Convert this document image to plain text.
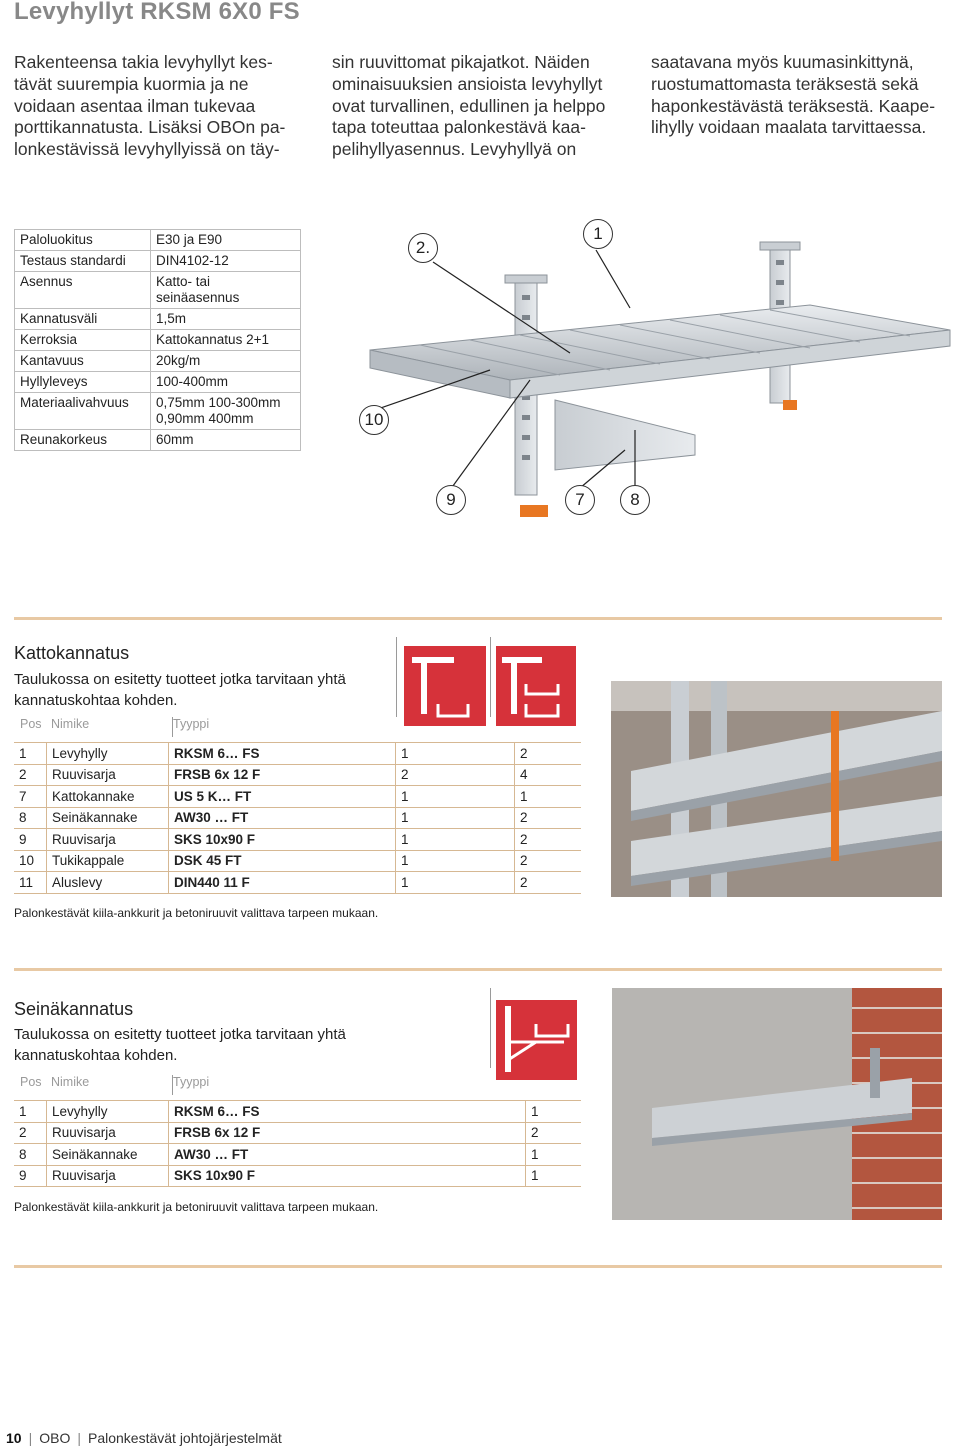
Levyhyllyt RKSM 6X0 FS

Rakenteensa takia levyhyllyt kes-tävät suurempia kuormia ja ne voidaan asentaa ilman tukevaa porttikannatusta. Lisäksi OBOn pa-lonkestävissä levyhyllyissä on täy-

sin ruuvittomat pikajatkot. Näiden ominaisuuksien ansioista levyhyllyt ovat turvallinen, edullinen ja helppo tapa toteuttaa palonkestävä kaa-pelihyllyasennus. Levyhyllyä on

saatavana myös kuumasinkittynä, ruostumattomasta teräksestä sekä haponkestävästä teräksestä. Kaape-lihylly voidaan maalata tarvittaessa.

Paloluokitus	E30 ja E90
Testaus standardi	DIN4102-12
Asennus	Katto- tai seinäasennus
Kannatusväli	1,5m
Kerroksia	Kattokannatus 2+1
Kantavuus	20kg/m
Hyllyleveys	100-400mm
Materiaalivahvuus	0,75mm 100-300mm
0,90mm 400mm

Reunakorkeus	60mm
2.
1
10
9	7	8
Kattokannatus
Taulukossa on esitetty tuotteet jotka tarvitaan yhtä kannatuskohtaa kohden.
Pos Nimike	Tyyppi
1	Levyhylly	RKSM 6… FS	1	2
2	Ruuvisarja	FRSB 6x 12 F	2	4
7	Kattokannake	US 5 K… FT	1	1
8	Seinäkannake	AW30 … FT	1	2
9	Ruuvisarja	SKS 10x90 F	1	2
10	Tukikappale	DSK 45 FT	1	2
11	Aluslevy	DIN440 11 F	1	2
Palonkestävät kiila-ankkurit ja betoniruuvit valittava tarpeen mukaan.
Seinäkannatus
Taulukossa on esitetty tuotteet jotka tarvitaan yhtä kannatuskohtaa kohden.
Pos Nimike	Tyyppi
1	Levyhylly	RKSM 6… FS	1
2	Ruuvisarja	FRSB 6x 12 F	2
8	Seinäkannake	AW30 … FT	1
9	Ruuvisarja	SKS 10x90 F	1
Palonkestävät kiila-ankkurit ja betoniruuvit valittava tarpeen mukaan.
10 | OBO | Palonkestävät johtojärjestelmät
